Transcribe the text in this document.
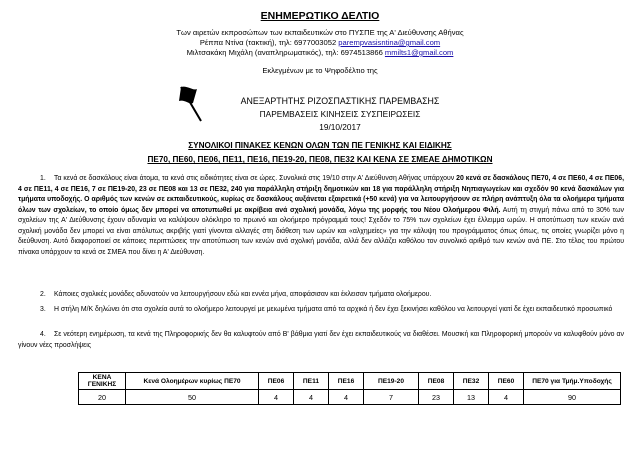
ΕΝΗΜΕΡΩΤΙΚΟ ΔΕΛΤΙΟ
Των αιρετών εκπροσώπων των εκπαιδευτικών στο ΠΥΣΠΕ της Α' Διεύθυνσης Αθήνας
Ρέππα Ντίνα (τακτική), τηλ: 6977003052 parempvasisntina@gmail.com
Μιλτσακάκη Μιχάλη (αναπληρωματικός), τηλ: 6974513866 mmilts1@gmail.com
Εκλεγμένων με το Ψηφοδέλτιο της
ΑΝΕΞΑΡΤΗΤΗΣ ΡΙΖΟΣΠΑΣΤΙΚΗΣ ΠΑΡΕΜΒΑΣΗΣ
ΠΑΡΕΜΒΑΣΕΙΣ ΚΙΝΗΣΕΙΣ ΣΥΣΠΕΙΡΩΣΕΙΣ
19/10/2017
ΣΥΝΟΛΙΚΟΙ ΠΙΝΑΚΕΣ ΚΕΝΩΝ ΟΛΩΝ ΤΩΝ ΠΕ ΓΕΝΙΚΗΣ ΚΑΙ ΕΙΔΙΚΗΣ
ΠΕ70, ΠΕ60, ΠΕ06, ΠΕ11, ΠΕ16, ΠΕ19-20, ΠΕ08, ΠΕ32 ΚΑΙ ΚΕΝΑ ΣΕ ΣΜΕΑΕ ΔΗΜΟΤΙΚΩΝ
1. Τα κενά σε δασκάλους είναι άτομα, τα κενά στις ειδικότητες είναι σε ώρες. Συνολικά στις 19/10 στην Α' Διεύθυνση Αθήνας υπάρχουν 20 κενά σε δασκάλους ΠΕ70, 4 σε ΠΕ60, 4 σε ΠΕ06, 4 σε ΠΕ11, 4 σε ΠΕ16, 7 σε ΠΕ19-20, 23 σε ΠΕ08 και 13 σε ΠΕ32, 240 για παράλληλη στήριξη δημοτικών και 18 για παράλληλη στήριξη Νηπιαγωγείων και σχεδόν 90 κενά δασκάλων για τμήματα υποδοχής. Ο αριθμός των κενών σε εκπαιδευτικούς, κυρίως σε δασκάλους αυξάνεται εξαιρετικά (+50 κενά) για να λειτουργήσουν σε πλήρη ανάπτυξη όλα τα ολοήμερα τμήματα όλων των σχολείων, το οποίο όμως δεν μπορεί να αποτυπωθεί με ακρίβεια ανά σχολική μονάδα, λόγω της μορφής του Νέου Ολοήμερου Φιλή. Αυτή τη στιγμή πάνω από το 30% των σχολείων της Α' Διεύθυνσης έχουν αδυναμία να καλύψουν ολόκληρο το πρωινό και ολοήμερο πρόγραμμά τους! Σχεδόν το 75% των σχολείων έχει έλλειμμα ωρών. Η αποτύπωση των κενών ανά σχολική μονάδα δεν μπορεί να είναι απόλυτως ακριβής γιατί γίνονται αλλαγές στη διάθεση των ωρών και «αλχημείες» για την κάλυψη του προγράμματος όπως όπως, τις οποίες γνωρίζει μόνο η διεύθυνση. Αυτό διαφοροποιεί σε κάποιες περιπτώσεις την αποτύπωση των κενών ανά σχολική μονάδα, αλλά δεν αλλάζει καθόλου τον συνολικό αριθμό των κενών ανά ΠΕ. Στο τέλος του πρώτου πίνακα υπάρχουν τα κενά σε ΣΜΕΑ που δίνει η Α' Διεύθυνση.
2. Κάποιες σχολικές μονάδες αδυνατούν να λειτουργήσουν εδώ και εννέα μήνα, αποφάσισαν και έκλεισαν τμήματα ολοήμερου.
3. Η στήλη Μ/Κ δηλώνει ότι στα σχολεία αυτά το ολοήμερο λειτουργεί με μειωμένα τμήματα από τα αρχικά ή δεν έχει ξεκινήσει καθόλου να λειτουργεί γιατί δε έχει εκπαιδευτικό προσωπικό
4. Σε νεότερη ενημέρωση, τα κενά της Πληροφορικής δεν θα καλυφτούν από Β' βάθμια γιατί δεν έχει εκπαιδευτικούς να διαθέσει. Μουσική και Πληροφορική μπορούν να καλυφθούν μόνο αν γίνουν νέες προσλήψεις
ΚΕΝΑ ΓΕΝΙΚΗΣ	Κενά Ολοημέρων κυρίως ΠΕ70	ΠΕ06	ΠΕ11	ΠΕ16	ΠΕ19-20	ΠΕ08	ΠΕ32	ΠΕ60	ΠΕ70 για Τμήμ.Υποδοχής
20	50	4	4	4	7	23	13	4	90
